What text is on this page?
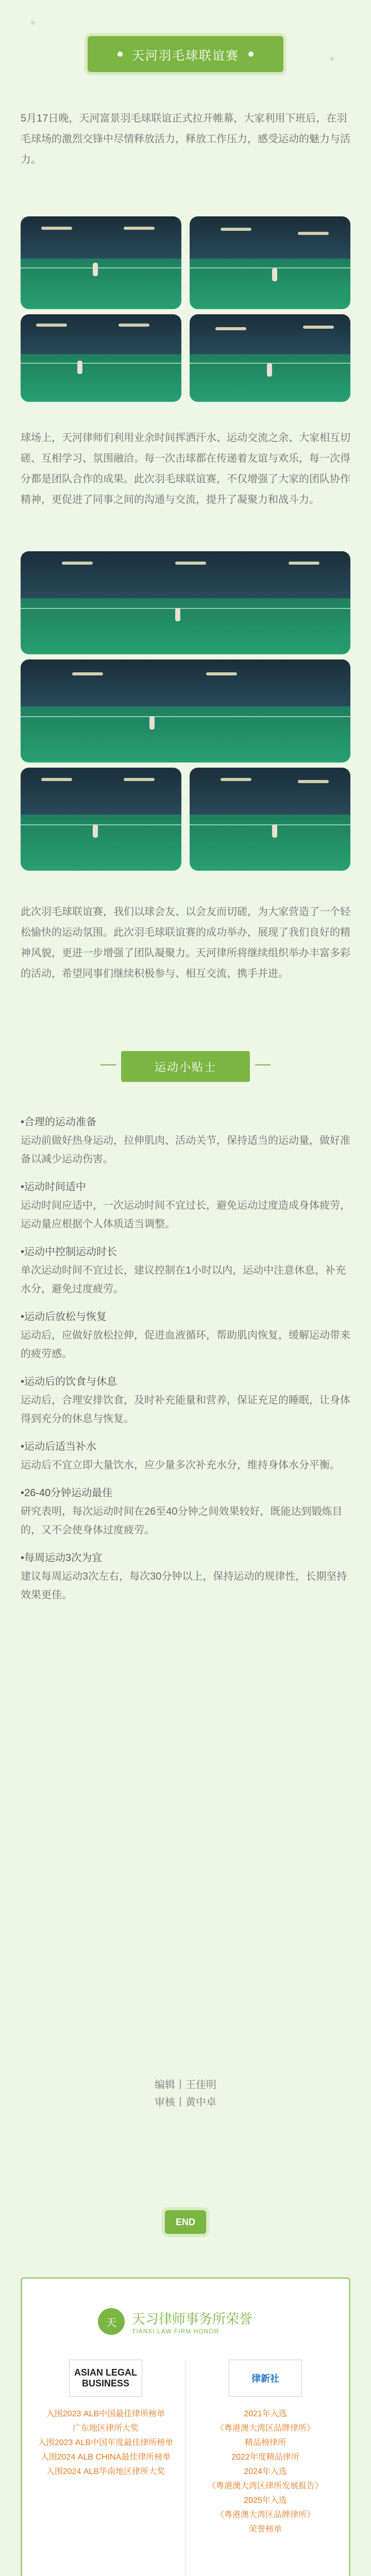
天河羽毛球联谊赛
5月17日晚，天河富景羽毛球联谊正式拉开帷幕，大家利用下班后，在羽毛球场的激烈交锋中尽情释放活力，释放工作压力，感受运动的魅力与活力。
球场上，天河律师们利用业余时间挥洒汗水、运动交流之余、大家相互切磋、互相学习、氛围融洽。每一次击球都在传递着友谊与欢乐，每一次得分都是团队合作的成果。此次羽毛球联谊赛，不仅增强了大家的团队协作精神，更促进了同事之间的沟通与交流，提升了凝聚力和战斗力。
此次羽毛球联谊赛，我们以球会友、以会友而切磋，为大家营造了一个轻松愉快的运动氛围。此次羽毛球联谊赛的成功举办，展现了我们良好的精神风貌，更进一步增强了团队凝聚力。天河律所将继续组织举办丰富多彩的活动，希望同事们继续积极参与、相互交流、携手并进。
运动小贴士
•合理的运动准备
运动前做好热身运动，拉伸肌肉、活动关节，保持适当的运动量，做好准备以减少运动伤害。

•运动时间适中
运动时间应适中，一次运动时间不宜过长，避免运动过度造成身体疲劳，运动量应根据个人体质适当调整。

•运动中控制运动时长
单次运动时间不宜过长，建议控制在1小时以内，运动中注意休息，补充水分，避免过度疲劳。

•运动后放松与恢复
运动后，应做好放松拉伸，促进血液循环，帮助肌肉恢复，缓解运动带来的疲劳感。

•运动后的饮食与休息
运动后，合理安排饮食，及时补充能量和营养，保证充足的睡眠，让身体得到充分的休息与恢复。

•运动后适当补水
运动后不宜立即大量饮水，应少量多次补充水分，维持身体水分平衡。

•26-40分钟运动最佳
研究表明，每次运动时间在26至40分钟之间效果较好，既能达到锻炼目的，又不会使身体过度疲劳。

•每周运动3次为宜
建议每周运动3次左右，每次30分钟以上，保持运动的规律性，长期坚持效果更佳。
编辑丨王佳明
审核丨黄中卓
END
天	天习律师事务所荣誉
TIANXI LAW FIRM HONOR
ASIAN LEGAL BUSINESS
入围2023 ALB中国最佳律所榜单
广东地区律所大奖
入围2023 ALB中国年度最佳律所榜单
入围2024 ALB CHINA最佳律所榜单
入围2024 ALB华南地区律所大奖
律新社
2021年入选
《粤港澳大湾区品牌律所》
精品榜律所
2022年度精品律所
2024年入选
《粤港澳大湾区律所发展报告》
2025年入选
《粤港澳大湾区品牌律所》
荣誉榜单
